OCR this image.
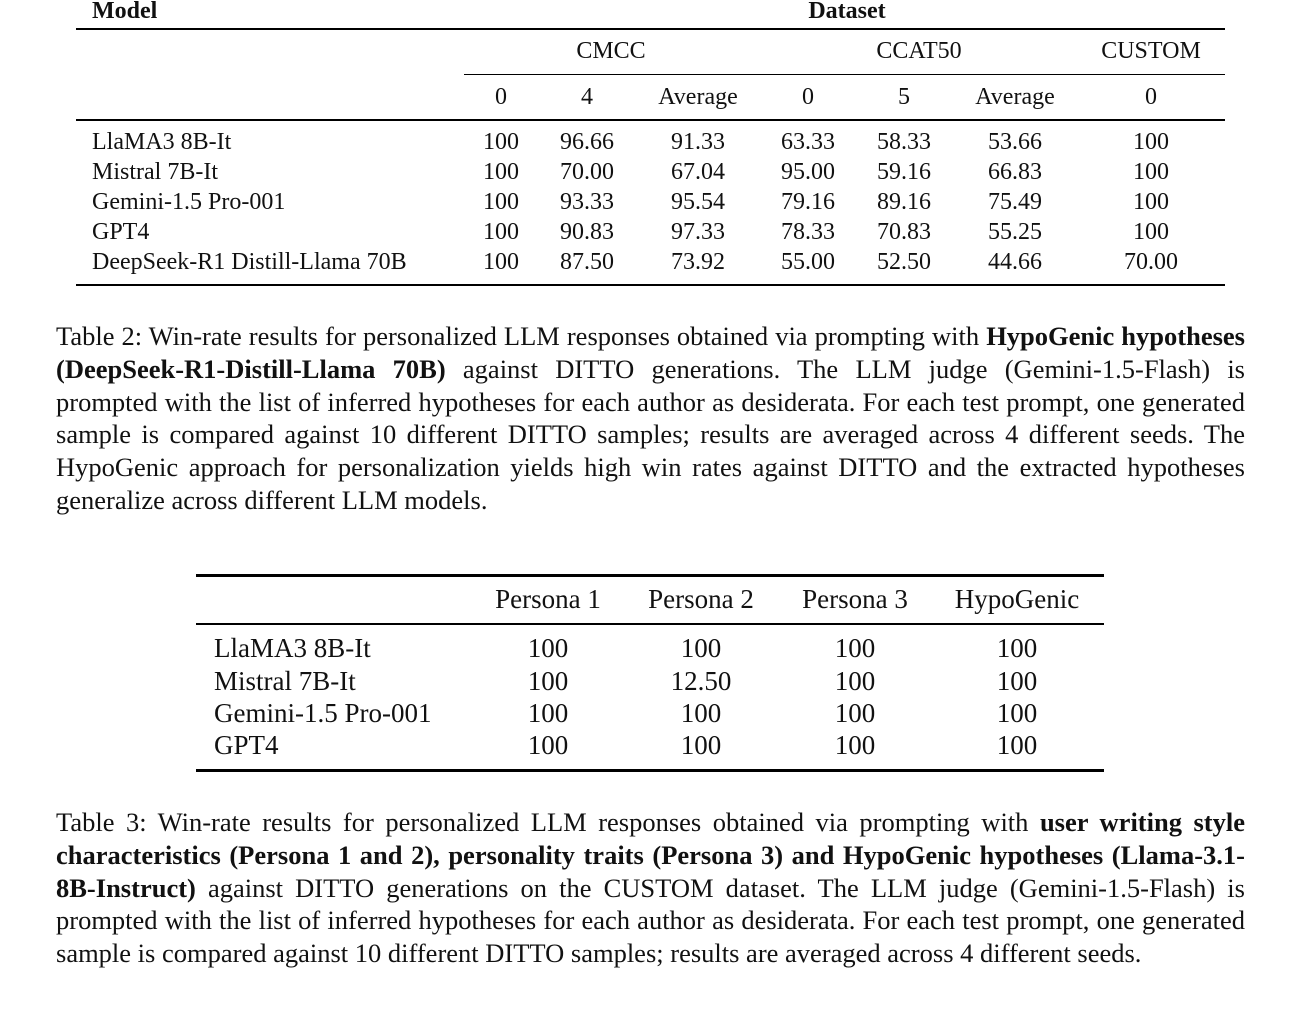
Model	Dataset
CMCC	CCAT50	CUSTOM
0	4	Average	0	5	Average	0
LlaMA3 8B-It	100 96.66 91.33 63.33 58.33 53.66	100
Mistral 7B-It	100 70.00 67.04 95.00 59.16 66.83	100
Gemini-1.5 Pro-001	100 93.33 95.54 79.16 89.16 75.49	100
GPT4	100 90.83 97.33 78.33 70.83 55.25	100
DeepSeek-R1 Distill-Llama 70B	100 87.50 73.92 55.00 52.50 44.66	70.00
Table 2: Win-rate results for personalized LLM responses obtained via prompting with HypoGenic hypotheses (DeepSeek-R1-Distill-Llama 70B) against DITTO generations. The LLM judge (Gemini-1.5-Flash) is prompted with the list of inferred hypotheses for each author as desiderata. For each test prompt, one generated sample is compared against 10 different DITTO samples; results are averaged across 4 different seeds. The HypoGenic approach for personalization yields high win rates against DITTO and the extracted hypotheses generalize across different LLM models.
Persona 1 Persona 2 Persona 3 HypoGenic
LlaMA3 8B-It	100	100	100	100
Mistral 7B-It	100	12.50	100	100
Gemini-1.5 Pro-001	100	100	100	100
GPT4	100	100	100	100
Table 3: Win-rate results for personalized LLM responses obtained via prompting with user writing style characteristics (Persona 1 and 2), personality traits (Persona 3) and HypoGenic hypotheses (Llama-3.1-8B-Instruct) against DITTO generations on the CUSTOM dataset. The LLM judge (Gemini-1.5-Flash) is prompted with the list of inferred hypotheses for each author as desiderata. For each test prompt, one generated sample is compared against 10 different DITTO samples; results are averaged across 4 different seeds.
